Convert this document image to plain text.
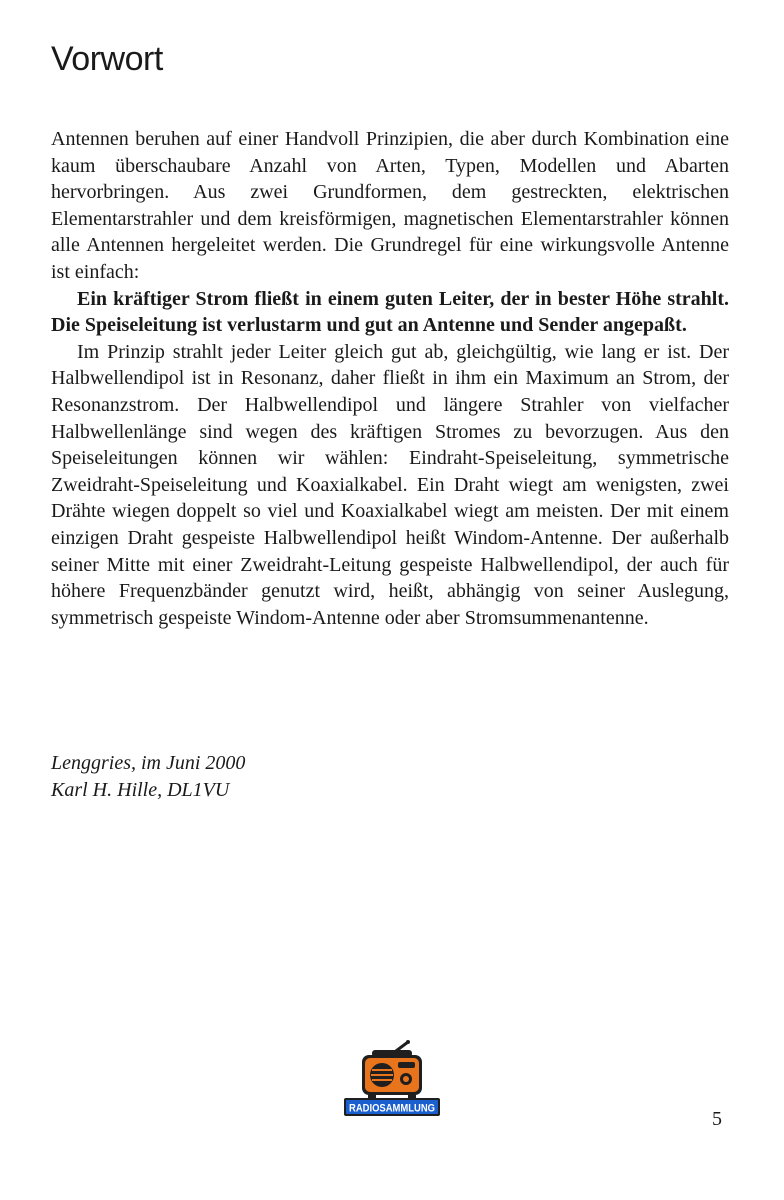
Vorwort

Antennen beruhen auf einer Handvoll Prinzipien, die aber durch Kombination eine kaum überschaubare Anzahl von Arten, Typen, Modellen und Abarten hervorbringen. Aus zwei Grundformen, dem gestreckten, elektrischen Elementarstrahler und dem kreisförmigen, magnetischen Elementarstrahler können alle Antennen hergeleitet werden. Die Grundregel für eine wirkungsvolle Antenne ist einfach:

Ein kräftiger Strom fließt in einem guten Leiter, der in bester Höhe strahlt. Die Speiseleitung ist verlustarm und gut an Antenne und Sender angepaßt.

Im Prinzip strahlt jeder Leiter gleich gut ab, gleichgültig, wie lang er ist. Der Halbwellendipol ist in Resonanz, daher fließt in ihm ein Maximum an Strom, der Resonanzstrom. Der Halbwellendipol und längere Strahler von vielfacher Halbwellenlänge sind wegen des kräftigen Stromes zu bevorzugen. Aus den Speiseleitungen können wir wählen: Eindraht-Speiseleitung, symmetrische Zweidraht-Speiseleitung und Koaxialkabel. Ein Draht wiegt am wenigsten, zwei Drähte wiegen doppelt so viel und Koaxialkabel wiegt am meisten. Der mit einem einzigen Draht gespeiste Halbwellendipol heißt Windom-Antenne. Der außerhalb seiner Mitte mit einer Zweidraht-Leitung gespeiste Halbwellendipol, der auch für höhere Frequenzbänder genutzt wird, heißt, abhängig von seiner Auslegung, symmetrisch gespeiste Windom-Antenne oder aber Stromsummenantenne.

Lenggries, im Juni 2000
Karl H. Hille, DL1VU
RADIOSAMMLUNG	5
